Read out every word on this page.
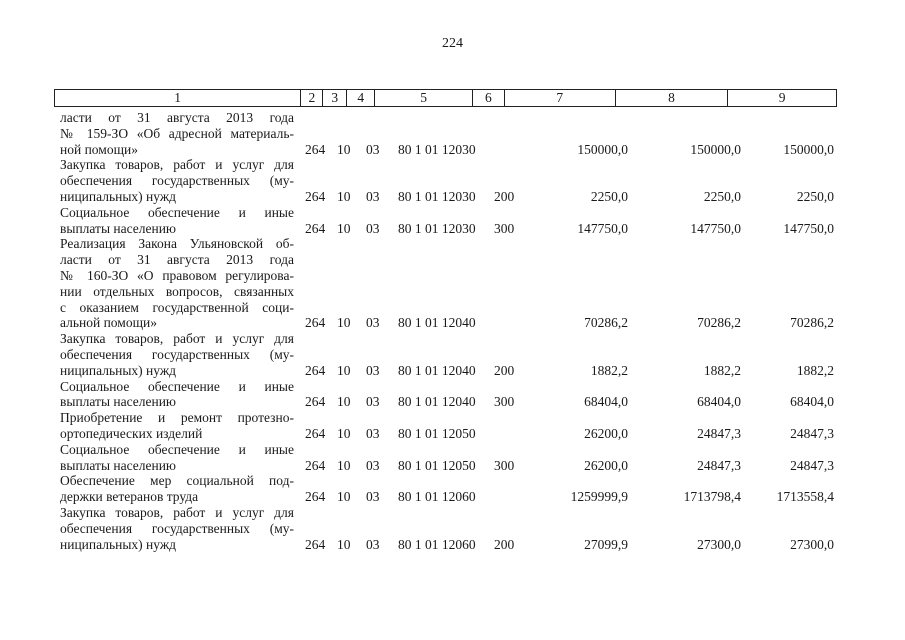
224
1	2	3	4	5	6	7	8	9
ласти от 31 августа 2013 года
№ 159-ЗО «Об адресной материаль-
ной помощи»	264 10 03 80 1 01 12030	150000,0	150000,0	150000,0
Закупка товаров, работ и услуг для
обеспечения государственных (му-
ниципальных) нужд	264 10 03 80 1 01 12030 200	2250,0	2250,0	2250,0
Социальное обеспечение и иные
выплаты населению	264 10 03 80 1 01 12030 300	147750,0	147750,0	147750,0
Реализация Закона Ульяновской об-
ласти от 31 августа 2013 года
№ 160-ЗО «О правовом регулирова-
нии отдельных вопросов, связанных
с оказанием государственной соци-
альной помощи»	264 10 03 80 1 01 12040	70286,2	70286,2	70286,2
Закупка товаров, работ и услуг для
обеспечения государственных (му-
ниципальных) нужд	264 10 03 80 1 01 12040 200	1882,2	1882,2	1882,2
Социальное обеспечение и иные
выплаты населению	264 10 03 80 1 01 12040 300	68404,0	68404,0	68404,0
Приобретение и ремонт протезно-
ортопедических изделий	264 10 03 80 1 01 12050	26200,0	24847,3	24847,3
Социальное обеспечение и иные
выплаты населению	264 10 03 80 1 01 12050 300	26200,0	24847,3	24847,3
Обеспечение мер социальной под-
держки ветеранов труда	264 10 03 80 1 01 12060	1259999,9	1713798,4	1713558,4
Закупка товаров, работ и услуг для
обеспечения государственных (му-
ниципальных) нужд	264 10 03 80 1 01 12060 200	27099,9	27300,0	27300,0
